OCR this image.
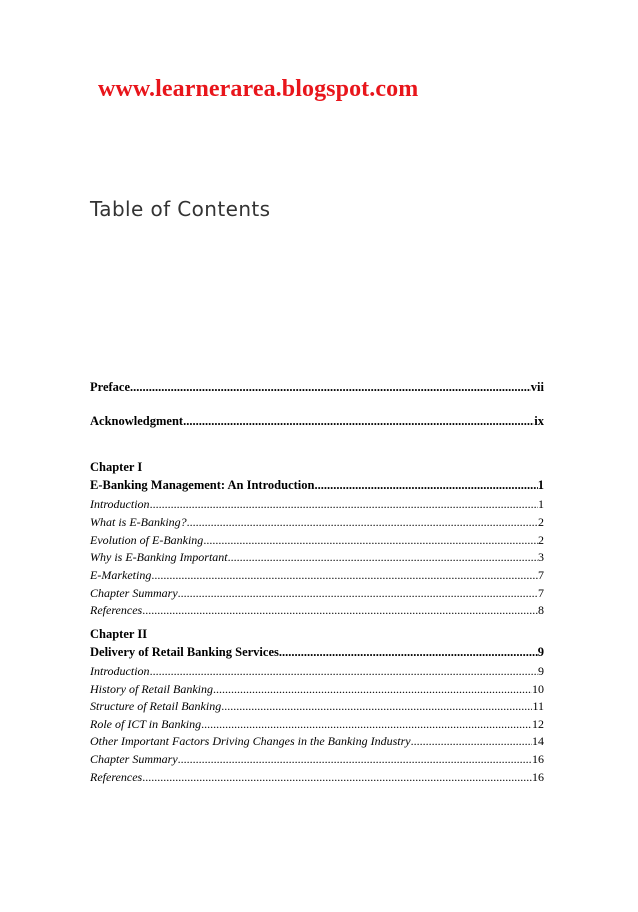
www.learnerarea.blogspot.com
Table of Contents
Preface .....	vii
Acknowledgment .....	ix
Chapter I
E-Banking Management: An Introduction .....	1
Introduction .....	1
What is E-Banking? .....	2
Evolution of E-Banking .....	2
Why is E-Banking Important .....	3
E-Marketing .....	7
Chapter Summary .....	7
References .....	8
Chapter II
Delivery of Retail Banking Services .....	9
Introduction .....	9
History of Retail Banking .....	10
Structure of Retail Banking .....	11
Role of ICT in Banking .....	12
Other Important Factors Driving Changes in the Banking Industry .....	14
Chapter Summary .....	16
References .....	16
